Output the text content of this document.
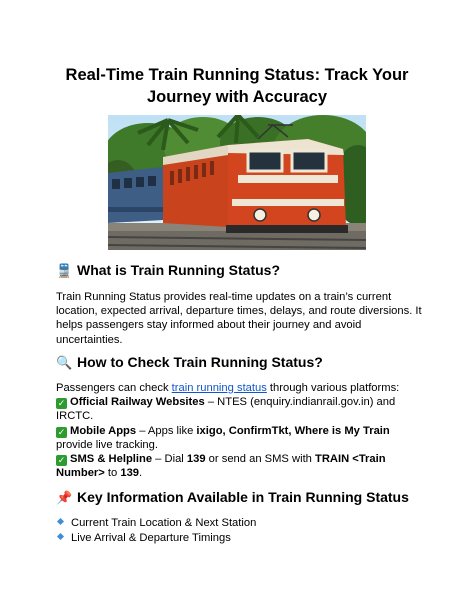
Real-Time Train Running Status: Track Your
Journey with Accuracy
🚆 What is Train Running Status?
Train Running Status provides real-time updates on a train’s current
location, expected arrival, departure times, delays, and route diversions. It
helps passengers stay informed about their journey and avoid
uncertainties.
🔍 How to Check Train Running Status?
Passengers can check train running status through various platforms:
✓ Official Railway Websites – NTES (enquiry.indianrail.gov.in) and
IRCTC.
✓ Mobile Apps – Apps like ixigo, ConfirmTkt, Where is My Train
provide live tracking.
✓ SMS & Helpline – Dial 139 or send an SMS with TRAIN <Train
Number> to 139.
📌 Key Information Available in Train Running Status
Current Train Location & Next Station
Live Arrival & Departure Timings
